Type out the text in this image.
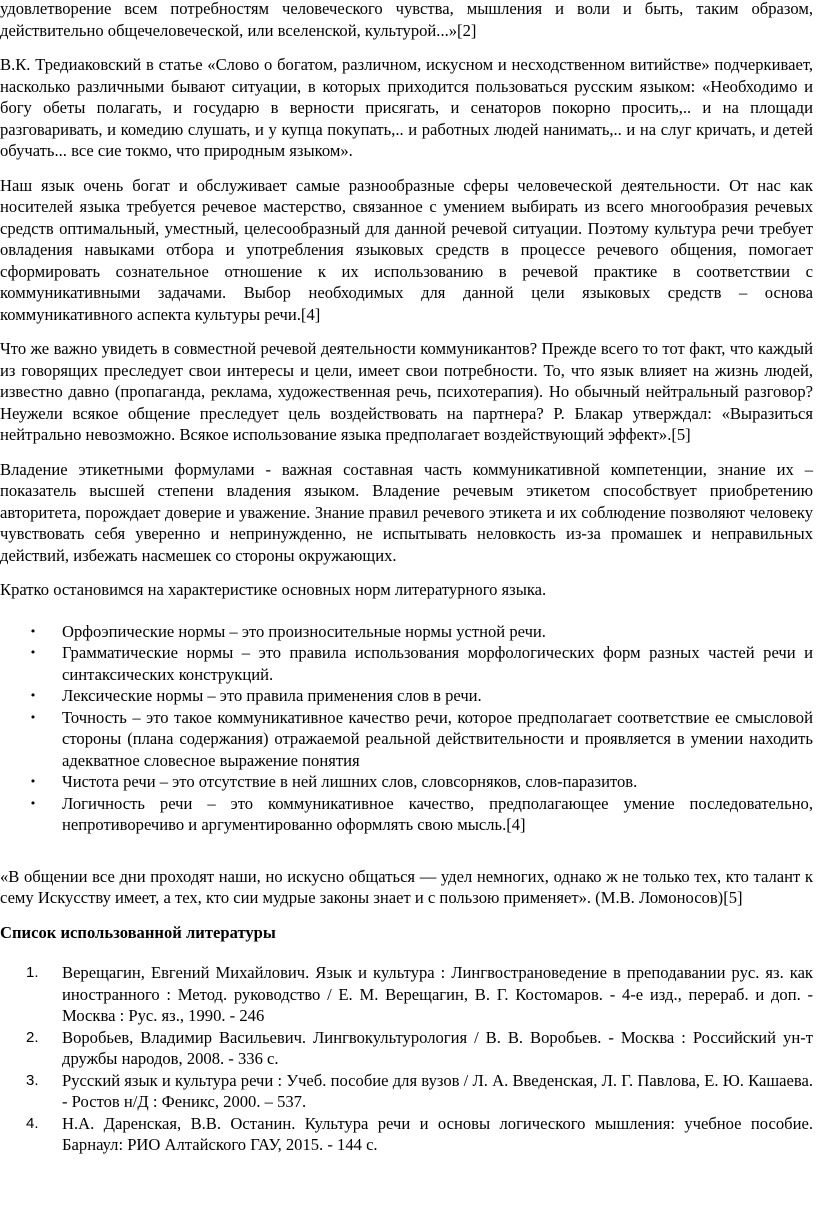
удовлетворение всем потребностям человеческого чувства, мышления и воли и быть, таким образом, действительно общечеловеческой, или вселенской, культурой...»[2]

В.К. Тредиаковский в статье «Слово о богатом, различном, искусном и несходственном витийстве» подчеркивает, насколько различными бывают ситуации, в которых приходится пользоваться русским языком: «Необходимо и богу обеты полагать, и государю в верности присягать, и сенаторов покорно просить,.. и на площади разговаривать, и комедию слушать, и у купца покупать,.. и работных людей нанимать,.. и на слуг кричать, и детей обучать... все сие токмо, что природным языком».

Наш язык очень богат и обслуживает самые разнообразные сферы человеческой деятельности. От нас как носителей языка требуется речевое мастерство, связанное с умением выбирать из всего многообразия речевых средств оптимальный, уместный, целесообразный для данной речевой ситуации. Поэтому культура речи требует овладения навыками отбора и употребления языковых средств в процессе речевого общения, помогает сформировать сознательное отношение к их использованию в речевой практике в соответствии с коммуникативными задачами. Выбор необходимых для данной цели языковых средств – основа коммуникативного аспекта культуры речи.[4]

Что же важно увидеть в совместной речевой деятельности коммуникантов? Прежде всего то тот факт, что каждый из говорящих преследует свои интересы и цели, имеет свои потребности. То, что язык влияет на жизнь людей, известно давно (пропаганда, реклама, художественная речь, психотерапия). Но обычный нейтральный разговор? Неужели всякое общение преследует цель воздействовать на партнера? Р. Блакар утверждал: «Выразиться нейтрально невозможно. Всякое использование языка предполагает воздействующий эффект».[5]

Владение этикетными формулами - важная составная часть коммуникативной компетенции, знание их – показатель высшей степени владения языком. Владение речевым этикетом способствует приобретению авторитета, порождает доверие и уважение. Знание правил речевого этикета и их соблюдение позволяют человеку чувствовать себя уверенно и непринужденно, не испытывать неловкость из-за промашек и неправильных действий, избежать насмешек со стороны окружающих.

Кратко остановимся на характеристике основных норм литературного языка.

• Орфоэпические нормы – это произносительные нормы устной речи.
• Грамматические нормы – это правила использования морфологических форм разных частей речи и синтаксических конструкций.
• Лексические нормы – это правила применения слов в речи.
• Точность – это такое коммуникативное качество речи, которое предполагает соответствие ее смысловой стороны (плана содержания) отражаемой реальной действительности и проявляется в умении находить адекватное словесное выражение понятия
• Чистота речи – это отсутствие в ней лишних слов, словсорняков, слов-паразитов.
• Логичность речи – это коммуникативное качество, предполагающее умение последовательно, непротиворечиво и аргументированно оформлять свою мысль.[4]

«В общении все дни проходят наши, но искусно общаться — удел немногих, однако ж не только тех, кто талант к сему Искусству имеет, а тех, кто сии мудрые законы знает и с пользою применяет». (М.В. Ломоносов)[5]

Список использованной литературы

1. Верещагин, Евгений Михайлович. Язык и культура : Лингвострановедение в преподавании рус. яз. как иностранного : Метод. руководство / Е. М. Верещагин, В. Г. Костомаров. - 4-е изд., перераб. и доп. - Москва : Рус. яз., 1990. - 246
2. Воробьев, Владимир Васильевич. Лингвокультурология / В. В. Воробьев. - Москва : Российский ун-т дружбы народов, 2008. - 336 с.
3. Русский язык и культура речи : Учеб. пособие для вузов / Л. А. Введенская, Л. Г. Павлова, Е. Ю. Кашаева. - Ростов н/Д : Феникс, 2000. – 537.
4. Н.А. Даренская, В.В. Останин. Культура речи и основы логического мышления: учебное пособие. Барнаул: РИО Алтайского ГАУ, 2015. - 144 с.
